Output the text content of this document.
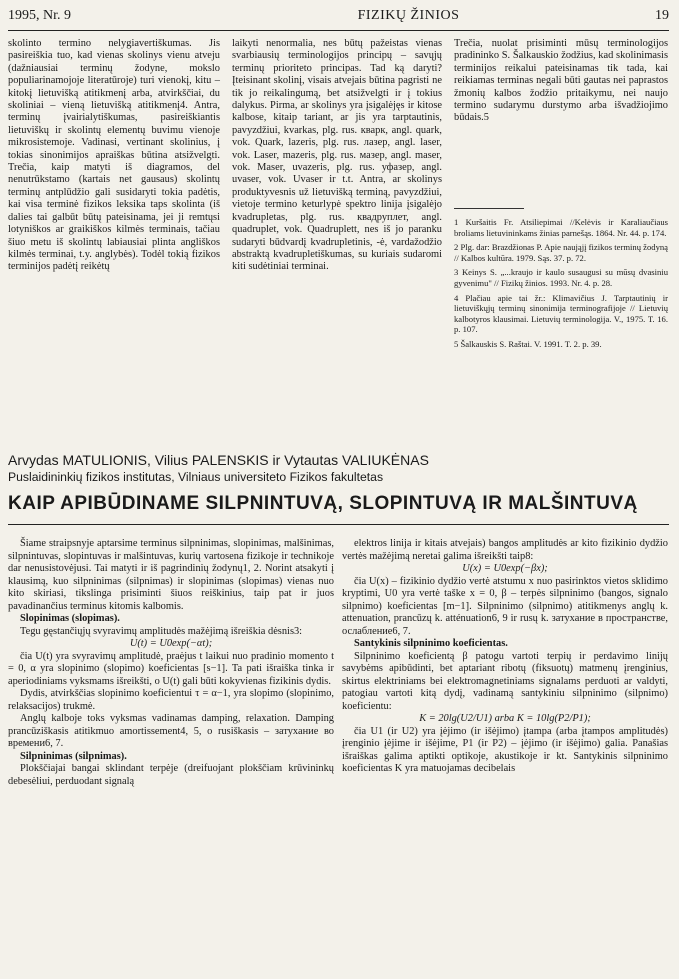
1995, Nr. 9	FIZIKŲ ŽINIOS	19

skolinto termino nelygiavertiškumas. Jis pasireiškia tuo, kad vienas skolinys vienu atveju (dažniausiai terminų žodyne, mokslo populiarinamojoje literatūroje) turi vienokį, kitu – kitokį lietuvišką atitikmenį arba, atvirkščiai, du skoliniai – vieną lietuvišką atitikmenį4. Antra, terminų įvairialytiškumas, pasireiškiantis lietuviškų ir skolintų elementų buvimu vienoje mikrosistemoje. Vadinasi, vertinant skolinius, į tokias sinonimijos apraiškas būtina atsižvelgti. Trečia, kaip matyti iš diagramos, del nenutrūkstamo (kartais net gausaus) skolintų terminų antplūdžio gali susidaryti tokia padėtis, kai visa terminė fizikos leksika taps skolinta (iš dalies tai galbūt būtų pateisinama, jei ji remtųsi lotyniškos ar graikiškos kilmės terminais, tačiau šiuo metu iš skolintų labiausiai plinta angliškos kilmės terminai, t.y. anglybės). Todėl tokią fizikos terminijos padėtį reikėtų

laikyti nenormalia, nes būtų pažeistas vienas svarbiausių terminologijos principų – savųjų terminų prioriteto principas. Tad ką daryti? Įteisinant skolinį, visais atvejais būtina pagristi ne tik jo reikalingumą, bet atsižvelgti ir į tokius dalykus. Pirma, ar skolinys yra įsigalėjęs ir kitose kalbose, kitaip tariant, ar jis yra tarptautinis, pavyzdžiui, kvarkas, plg. rus. кварк, angl. quark, vok. Quark, lazeris, plg. rus. лазер, angl. laser, vok. Laser, mazeris, plg. rus. мазер, angl. maser, vok. Maser, uvazeris, plg. rus. уфазер, angl. uvaser, vok. Uvaser ir t.t. Antra, ar skolinys produktyvesnis už lietuvišką terminą, pavyzdžiui, vietoje termino keturlypė spektro linija įsigalėjo kvadrupletas, plg. rus. квадруплет, angl. quadruplet, vok. Quadruplett, nes iš jo paranku sudaryti būdvardį kvadrupletinis, -ė, vardažodžio abstraktą kvadrupletiškumas, su kuriais sudaromi kiti sudėtiniai terminai.

Trečia, nuolat prisiminti mūsų terminologijos pradininko S. Šalkauskio žodžius, kad skolinimasis terminijos reikalui pateisinamas tik tada, kai reikiamas terminas negali būti gautas nei paprastos žmonių kalbos žodžio pritaikymu, nei naujo termino sudarymu durstymo arba išvadžiojimo būdais.5

1 Kuršaitis Fr. Atsiliepimai //Kelėvis ir Karaliaučiaus broliams lietuvininkams žinias parnešąs. 1864. Nr. 44. p. 174.
2 Plg. dar: Brazdžionas P. Apie naująjį fizikos terminų žodyną // Kalbos kultūra. 1979. Sąs. 37. p. 72.
3 Keinys S. „...kraujo ir kaulo susaugusi su mūsų dvasiniu gyvenimu" // Fizikų žinios. 1993. Nr. 4. p. 28.
4 Plačiau apie tai žr.: Klimavičius J. Tarptautinių ir lietuviškųjų terminų sinonimija terminografijoje // Lietuvių kalbotyros klausimai. Lietuvių terminologija. V., 1975. T. 16. p. 107.
5 Šalkauskis S. Raštai. V. 1991. T. 2. p. 39.
Arvydas MATULIONIS, Vilius PALENSKIS ir Vytautas VALIUKĖNAS
Puslaidininkių fizikos institutas, Vilniaus universiteto Fizikos fakultetas
KAIP APIBŪDINAME SILPNINTUVĄ, SLOPINTUVĄ IR MALŠINTUVĄ

Šiame straipsnyje aptarsime terminus silpninimas, slopinimas, malšinimas, silpnintuvas, slopintuvas ir malšintuvas, kurių vartosena fizikoje ir technikoje dar nenusistovėjusi. Tai matyti ir iš pagrindinių žodynų1, 2. Norint atsakyti į klausimą, kuo silpninimas (silpnimas) ir slopinimas (slopimas) vienas nuo kito skiriasi, tikslinga prisiminti šiuos reiškinius, taip pat ir juos pavadinančius terminus kitomis kalbomis.

Slopinimas (slopimas).

Tegu gęstančiųjų svyravimų amplitudės mažėjimą išreiškia dėsnis3:

U(t) = U0exp(−αt);

čia U(t) yra svyravimų amplitudė, praėjus t laikui nuo pradinio momento t = 0, α yra slopinimo (slopimo) koeficientas [s−1]. Ta pati išraiška tinka ir aperiodiniams vyksmams išreikšti, o U(t) gali būti kokyvienas fizikinis dydis.

Dydis, atvirkščias slopinimo koeficientui τ = α−1, yra slopimo (slopinimo, relaksacijos) trukmė.

Anglų kalboje toks vyksmas vadinamas damping, relaxation. Damping prancūziškasis atitikmuo amortissement4, 5, o rusiškasis – затухание во времени6, 7.

Silpninimas (silpnimas).

Plokščiajai bangai sklindant terpėje (dreifuojant plokščiam krūvininkų debesėliui, perduodant signalą

elektros linija ir kitais atvejais) bangos amplitudės ar kito fizikinio dydžio vertės mažėjimą neretai galima išreikšti taip8:

U(x) = U0exp(−βx);

čia U(x) – fizikinio dydžio vertė atstumu x nuo pasirinktos vietos sklidimo kryptimi, U0 yra vertė taške x = 0, β – terpės silpninimo (bangos, signalo silpnimo) koeficientas [m−1]. Silpninimo (silpnimo) atitikmenys anglų k. attenuation, prancūzų k. atténuation6, 9 ir rusų k. затухание в пространстве, ослабление6, 7.

Santykinis silpninimo koeficientas.

Silpninimo koeficientą β patogu vartoti terpių ir perdavimo linijų savybėms apibūdinti, bet aptariant ribotų (fiksuotų) matmenų įrenginius, skirtus elektriniams bei elektromagnetiniams signalams perduoti ar valdyti, patogiau vartoti kitą dydį, vadinamą santykiniu silpninimo (silpnimo) koeficientu:

K = 20lg(U2/U1) arba K = 10lg(P2/P1);

čia U1 (ir U2) yra įėjimo (ir išėjimo) įtampa (arba įtampos amplitudės) įrenginio įėjime ir išėjime, P1 (ir P2) – įėjimo (ir išėjimo) galia. Panašias išraiškas galima aptikti optikoje, akustikoje ir kt. Santykinis silpninimo koeficientas K yra matuojamas decibelais
